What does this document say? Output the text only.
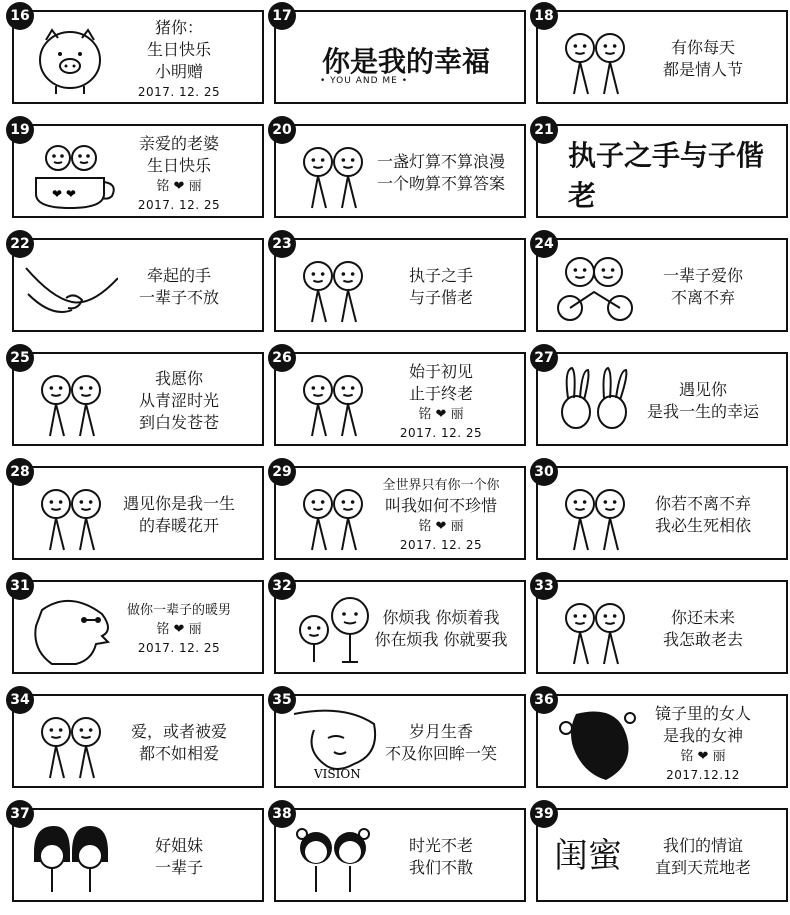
16
猪你：
生日快乐
小明赠
2017. 12. 25
17
你是我的幸福
• YOU AND ME •
18
有你每天
都是情人节
19
❤ ❤
亲爱的老婆
生日快乐
铭 ❤ 丽
2017. 12. 25
20
一盏灯算不算浪漫
一个吻算不算答案
21
执子之手与子偕老
22
牵起的手
一辈子不放
23
执子之手
与子偕老
24
一辈子爱你
不离不弃
25
我愿你
从青涩时光
到白发苍苍
26
始于初见
止于终老
铭 ❤ 丽
2017. 12. 25
27
遇见你
是我一生的幸运
28
遇见你是我一生
的春暖花开
29
全世界只有你一个你
叫我如何不珍惜
铭 ❤ 丽
2017. 12. 25
30
你若不离不弃
我必生死相依
31
做你一辈子的暖男
铭 ❤ 丽
2017. 12. 25
32
你烦我 你烦着我
你在烦我 你就要我
33
你还未来
我怎敢老去
34
爱，或者被爱
都不如相爱
35
VISION
岁月生香
不及你回眸一笑
36
镜子里的女人
是我的女神
铭 ❤ 丽
2017.12.12
37
好姐妹
一辈子
38
时光不老
我们不散
39
闺蜜	我们的情谊
直到天荒地老
